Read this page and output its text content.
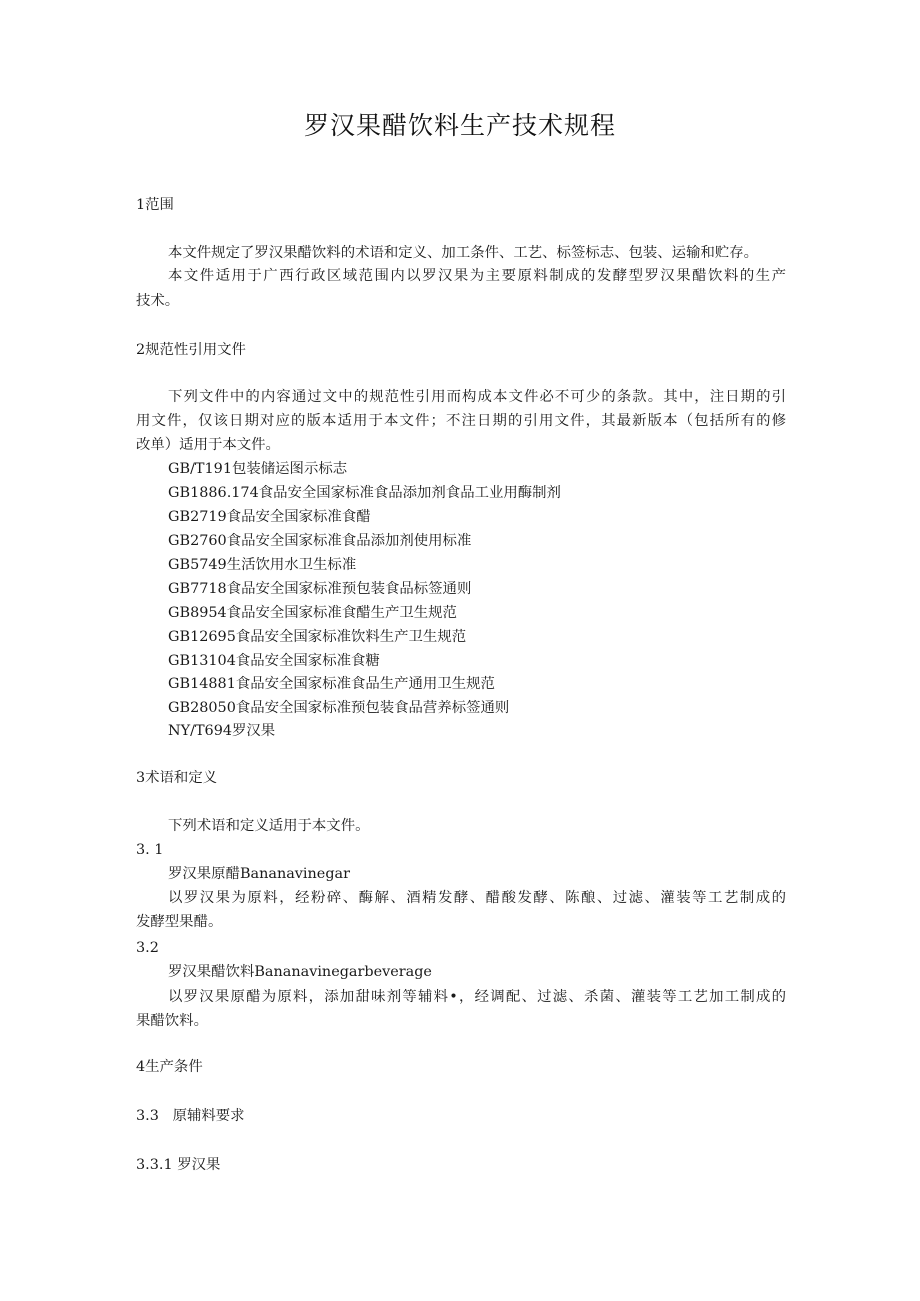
罗汉果醋饮料生产技术规程
1范围
本文件规定了罗汉果醋饮料的术语和定义、加工条件、工艺、标签标志、包装、运输和贮存。
本文件适用于广西行政区域范围内以罗汉果为主要原料制成的发酵型罗汉果醋饮料的生产
技术。
2规范性引用文件
下列文件中的内容通过文中的规范性引用而构成本文件必不可少的条款。其中，注日期的引
用文件，仅该日期对应的版本适用于本文件；不注日期的引用文件，其最新版本（包括所有的修
改单）适用于本文件。
GB/T191包装储运图示标志
GB1886.174食品安全国家标准食品添加剂食品工业用酶制剂
GB2719食品安全国家标准食醋
GB2760食品安全国家标准食品添加剂使用标准
GB5749生活饮用水卫生标准
GB7718食品安全国家标准预包装食品标签通则
GB8954食品安全国家标准食醋生产卫生规范
GB12695食品安全国家标准饮料生产卫生规范
GB13104食品安全国家标准食糖
GB14881食品安全国家标准食品生产通用卫生规范
GB28050食品安全国家标准预包装食品营养标签通则
NY/T694罗汉果
3术语和定义
下列术语和定义适用于本文件。
3. 1
罗汉果原醋Bananavinegar
以罗汉果为原料，经粉碎、酶解、酒精发酵、醋酸发酵、陈酿、过滤、灌装等工艺制成的
发酵型果醋。
3.2
罗汉果醋饮料Bananavinegarbeverage
以罗汉果原醋为原料，添加甜味剂等辅料•，经调配、过滤、杀菌、灌装等工艺加工制成的
果醋饮料。
4生产条件
3.3   原辅料要求
3.3.1 罗汉果
